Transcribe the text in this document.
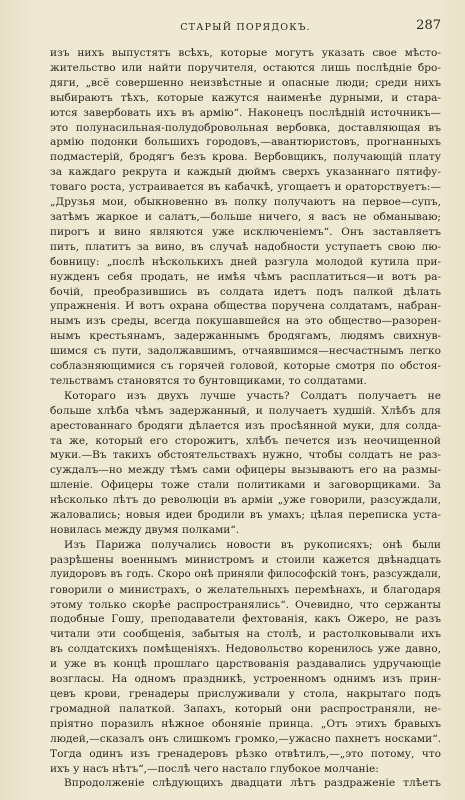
СТАРЫЙ ПОРЯДОКЪ.	287
изъ нихъ выпустятъ всѣхъ, которые могутъ указать свое мѣсто-
жительство или найти поручителя, остаются лишь послѣдніе бро-
дяги, „всё совершенно неизвѣстные и опасные люди; среди нихъ
выбираютъ тѣхъ, которые кажутся наименѣе дурными, и стара-
ются завербовать ихъ въ армію“. Наконецъ послѣдній источникъ—
это полунасильная-полудобровольная вербовка, доставляющая въ
армію подонки большихъ городовъ,—авантюристовъ, прогнанныхъ
подмастерій, бродягъ безъ крова. Вербовщикъ, получающій плату
за каждаго рекрута и каждый дюймъ сверхъ указаннаго пятифу-
товаго роста, устраивается въ кабачкѣ, угощаетъ и ораторствуетъ:—
„Друзья мои, обыкновенно въ полку получаютъ на первое—супъ,
затѣмъ жаркое и салатъ,—больше ничего, я васъ не обманываю;
пирогъ и вино являются уже исключеніемъ“. Онъ заставляетъ
пить, платитъ за вино, въ случаѣ надобности уступаетъ свою лю-
бовницу: „послѣ нѣсколькихъ дней разгула молодой кутила при-
нужденъ себя продать, не имѣя чѣмъ расплатиться—и вотъ ра-
бочій, преобразившись въ солдата идетъ подъ палкой дѣлать
упражненія. И вотъ охрана общества поручена солдатамъ, набран-
нымъ изъ среды, всегда покушавшейся на это общество—разорен-
нымъ крестьянамъ, задержаннымъ бродягамъ, людямъ свихнув-
шимся съ пути, задолжавшимъ, отчаявшимся—несчастнымъ легко
соблазняющимися съ горячей головой, которые смотря по обстоя-
тельствамъ становятся то бунтовщиками, то солдатами.
Котораго изъ двухъ лучше участь? Солдатъ получаетъ не
больше хлѣба чѣмъ задержанный, и получаетъ худшій. Хлѣбъ для
арестованнаго бродяги дѣлается изъ просѣянной муки, для солда-
та же, который его сторожитъ, хлѣбъ печется изъ неочищенной
муки.—Въ такихъ обстоятельствахъ нужно, чтобы солдатъ не раз-
суждалъ—но между тѣмъ сами офицеры вызываютъ его на размы-
шленіе. Офицеры тоже стали политиками и заговорщиками. За
нѣсколько лѣтъ до революціи въ арміи „уже говорили, разсуждали,
жаловались; новыя идеи бродили въ умахъ; цѣлая переписка уста-
новилась между двумя полками“.
Изъ Парижа получались новости въ рукописяхъ; онѣ были
разрѣшены военнымъ министромъ и стоили кажется двѣнадцать
луидоровъ въ годъ. Скоро онѣ приняли философскій тонъ, разсуждали,
говорили о министрахъ, о желательныхъ перемѣнахъ, и благодаря
этому только скорѣе распространялись“. Очевидно, что сержанты
подобные Гошу, преподаватели фехтованія, какъ Ожеро, не разъ
читали эти сообщенія, забытыя на столѣ, и растолковывали ихъ
въ солдатскихъ помѣщеніяхъ. Недовольство коренилось уже давно,
и уже въ концѣ прошлаго царствованія раздавались удручающіе
возгласы. На одномъ праздникѣ, устроенномъ однимъ изъ прин-
цевъ крови, гренадеры прислуживали у стола, накрытаго подъ
громадной палаткой. Запахъ, который они распространяли, не-
пріятно поразилъ нѣжное обоняніе принца. „Отъ этихъ бравыхъ
людей,—сказалъ онъ слишкомъ громко,—ужасно пахнетъ носками“.
Тогда одинъ изъ гренадеровъ рѣзко отвѣтилъ,—„это потому, что
ихъ у насъ нѣтъ“,—послѣ чего настало глубокое молчаніе:
Впродолженіе слѣдующихъ двадцати лѣтъ раздраженіе тлѣетъ
